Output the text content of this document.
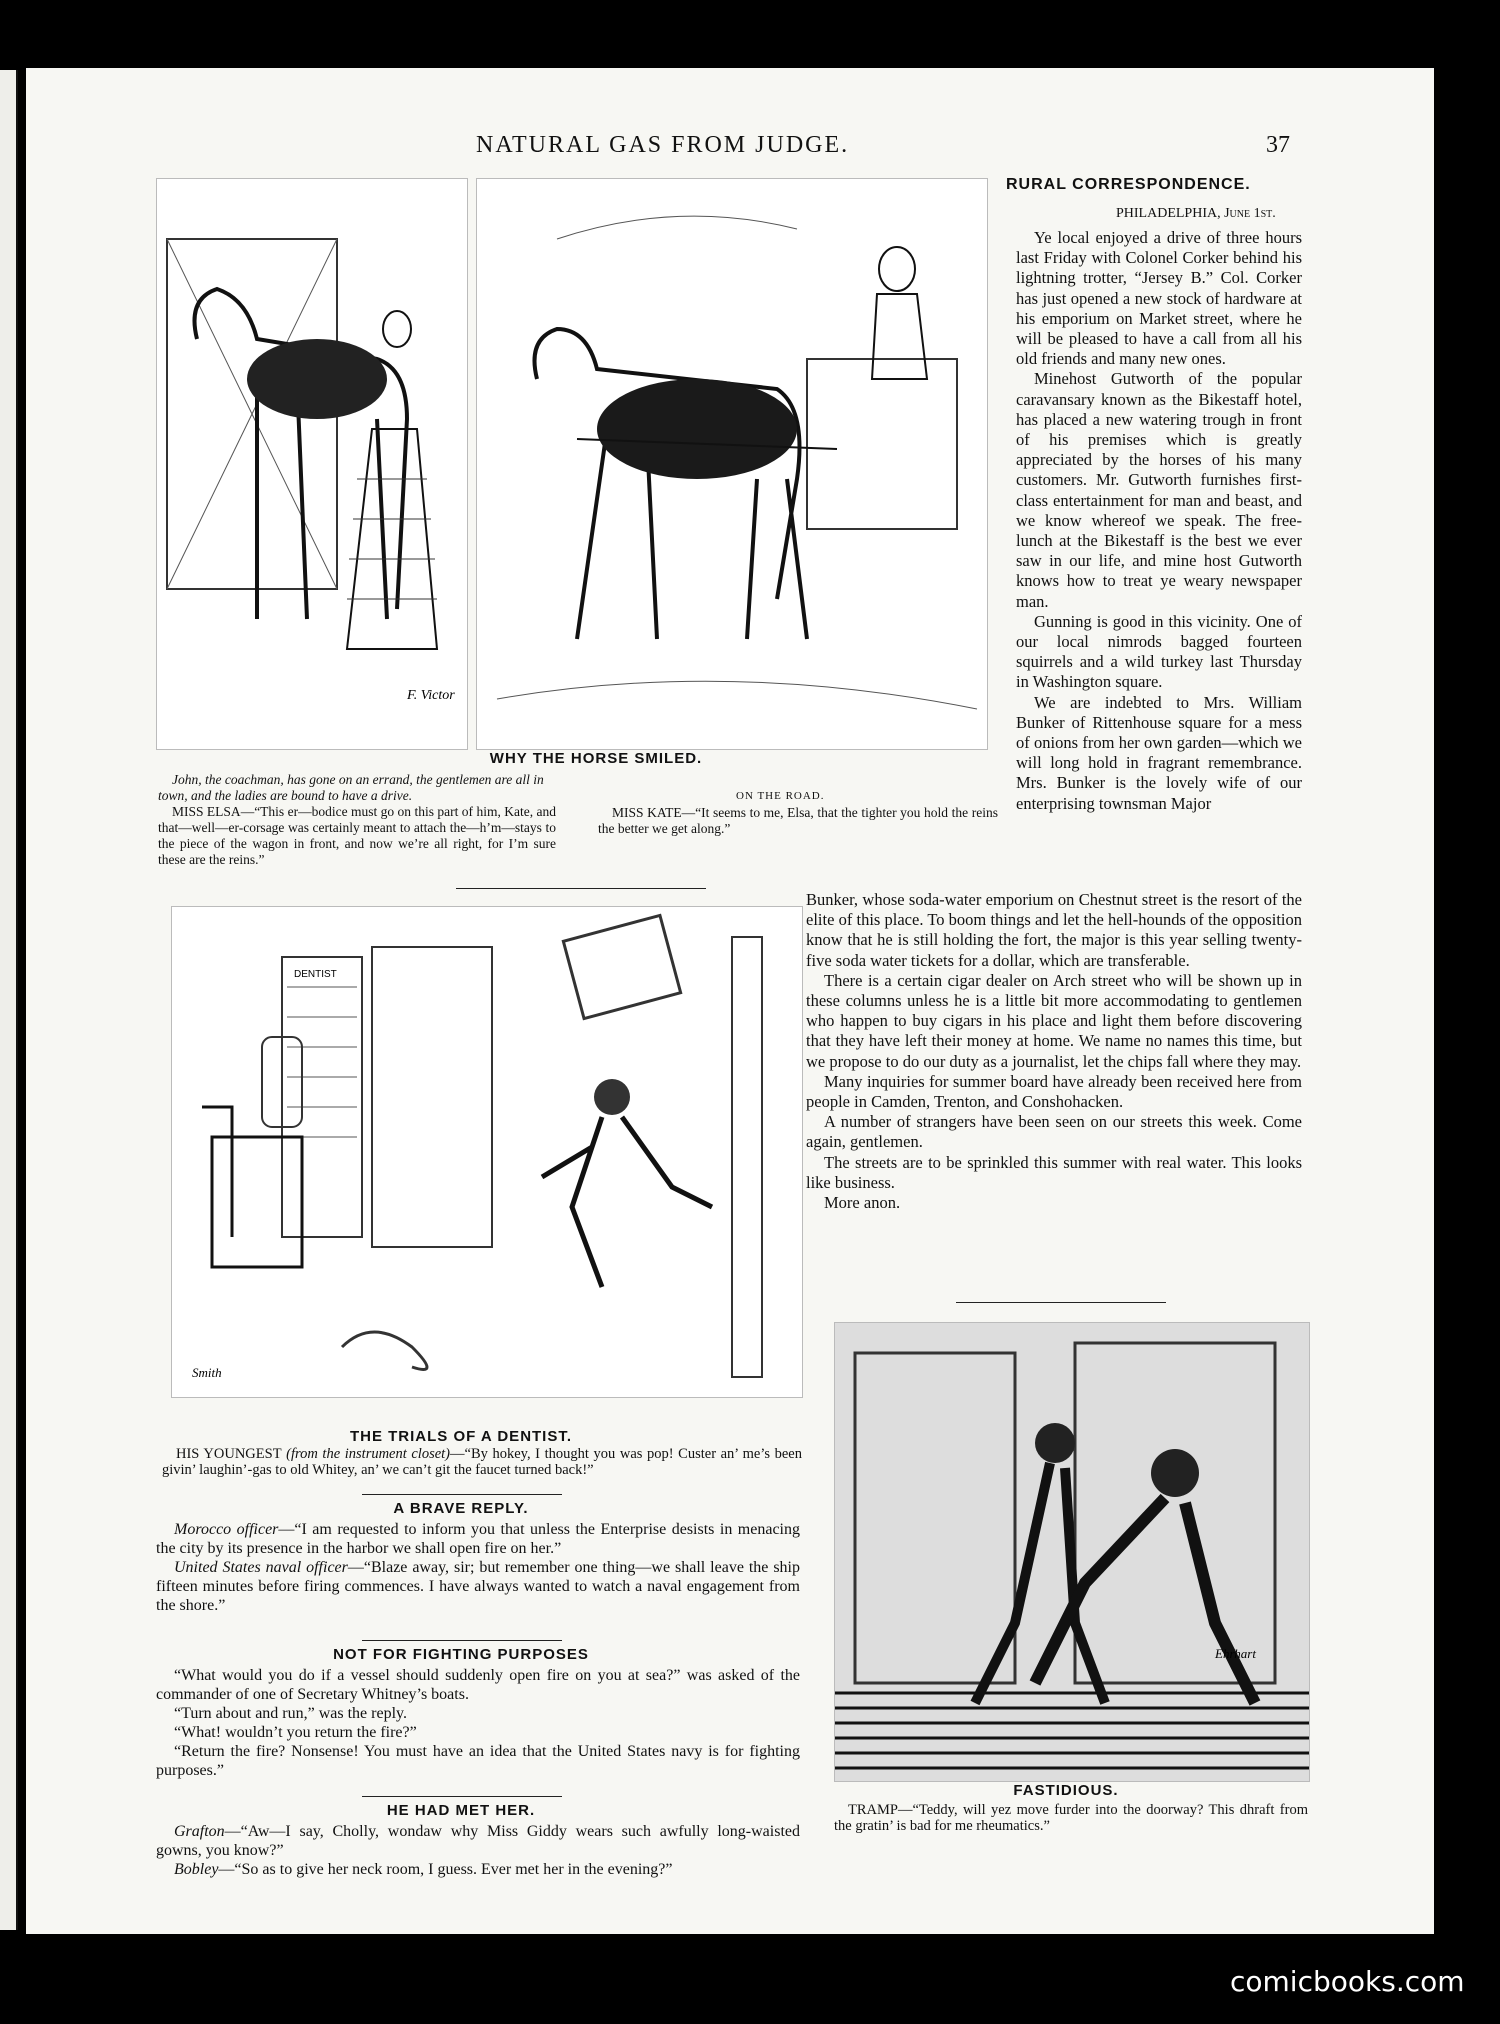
NATURAL GAS FROM JUDGE.	37
F. Victor
WHY THE HORSE SMILED.
John, the coachman, has gone on an errand, the gentlemen are all in town, and the ladies are bound to have a drive.
MISS ELSA—“This er—bodice must go on this part of him, Kate, and that—well—er-corsage was certainly meant to attach the—h’m—stays to the piece of the wagon in front, and now we’re all right, for I’m sure these are the reins.”
ON THE ROAD.
MISS KATE—“It seems to me, Elsa, that the tighter you hold the reins the better we get along.”
RURAL CORRESPONDENCE.
PHILADELPHIA, June 1st.

Ye local enjoyed a drive of three hours last Friday with Colonel Corker behind his lightning trotter, “Jersey B.” Col. Corker has just opened a new stock of hardware at his emporium on Market street, where he will be pleased to have a call from all his old friends and many new ones.

Minehost Gutworth of the popular caravansary known as the Bikestaff hotel, has placed a new watering trough in front of his premises which is greatly appreciated by the horses of his many customers. Mr. Gutworth furnishes first-class entertainment for man and beast, and we know whereof we speak. The free-lunch at the Bikestaff is the best we ever saw in our life, and mine host Gutworth knows how to treat ye weary newspaper man.

Gunning is good in this vicinity. One of our local nimrods bagged fourteen squirrels and a wild turkey last Thursday in Washington square.

We are indebted to Mrs. William Bunker of Rittenhouse square for a mess of onions from her own garden—which we will long hold in fragrant remembrance. Mrs. Bunker is the lovely wife of our enterprising townsman Major

Bunker, whose soda-water emporium on Chestnut street is the resort of the elite of this place. To boom things and let the hell-hounds of the opposition know that he is still holding the fort, the major is this year selling twenty-five soda water tickets for a dollar, which are transferable.

There is a certain cigar dealer on Arch street who will be shown up in these columns unless he is a little bit more accommodating to gentlemen who happen to buy cigars in his place and light them before discovering that they have left their money at home. We name no names this time, but we propose to do our duty as a journalist, let the chips fall where they may.

Many inquiries for summer board have already been received here from people in Camden, Trenton, and Conshohacken.

A number of strangers have been seen on our streets this week. Come again, gentlemen.

The streets are to be sprinkled this summer with real water. This looks like business.

More anon.

DENTIST
Smith
THE TRIALS OF A DENTIST.
HIS YOUNGEST (from the instrument closet)—“By hokey, I thought you was pop! Custer an’ me’s been givin’ laughin’-gas to old Whitey, an’ we can’t git the faucet turned back!”
A BRAVE REPLY.

Morocco officer—“I am requested to inform you that unless the Enterprise desists in menacing the city by its presence in the harbor we shall open fire on her.”

United States naval officer—“Blaze away, sir; but remember one thing—we shall leave the ship fifteen minutes before firing commences. I have always wanted to watch a naval engagement from the shore.”

NOT FOR FIGHTING PURPOSES

“What would you do if a vessel should suddenly open fire on you at sea?” was asked of the commander of one of Secretary Whitney’s boats.

“Turn about and run,” was the reply.

“What! wouldn’t you return the fire?”

“Return the fire? Nonsense! You must have an idea that the United States navy is for fighting purposes.”

HE HAD MET HER.

Grafton—“Aw—I say, Cholly, wondaw why Miss Giddy wears such awfully long-waisted gowns, you know?”

Bobley—“So as to give her neck room, I guess. Ever met her in the evening?”

Ehrhart
FASTIDIOUS.
TRAMP—“Teddy, will yez move furder into the doorway? This dhraft from the gratin’ is bad for me rheumatics.”
comicbooks.com
